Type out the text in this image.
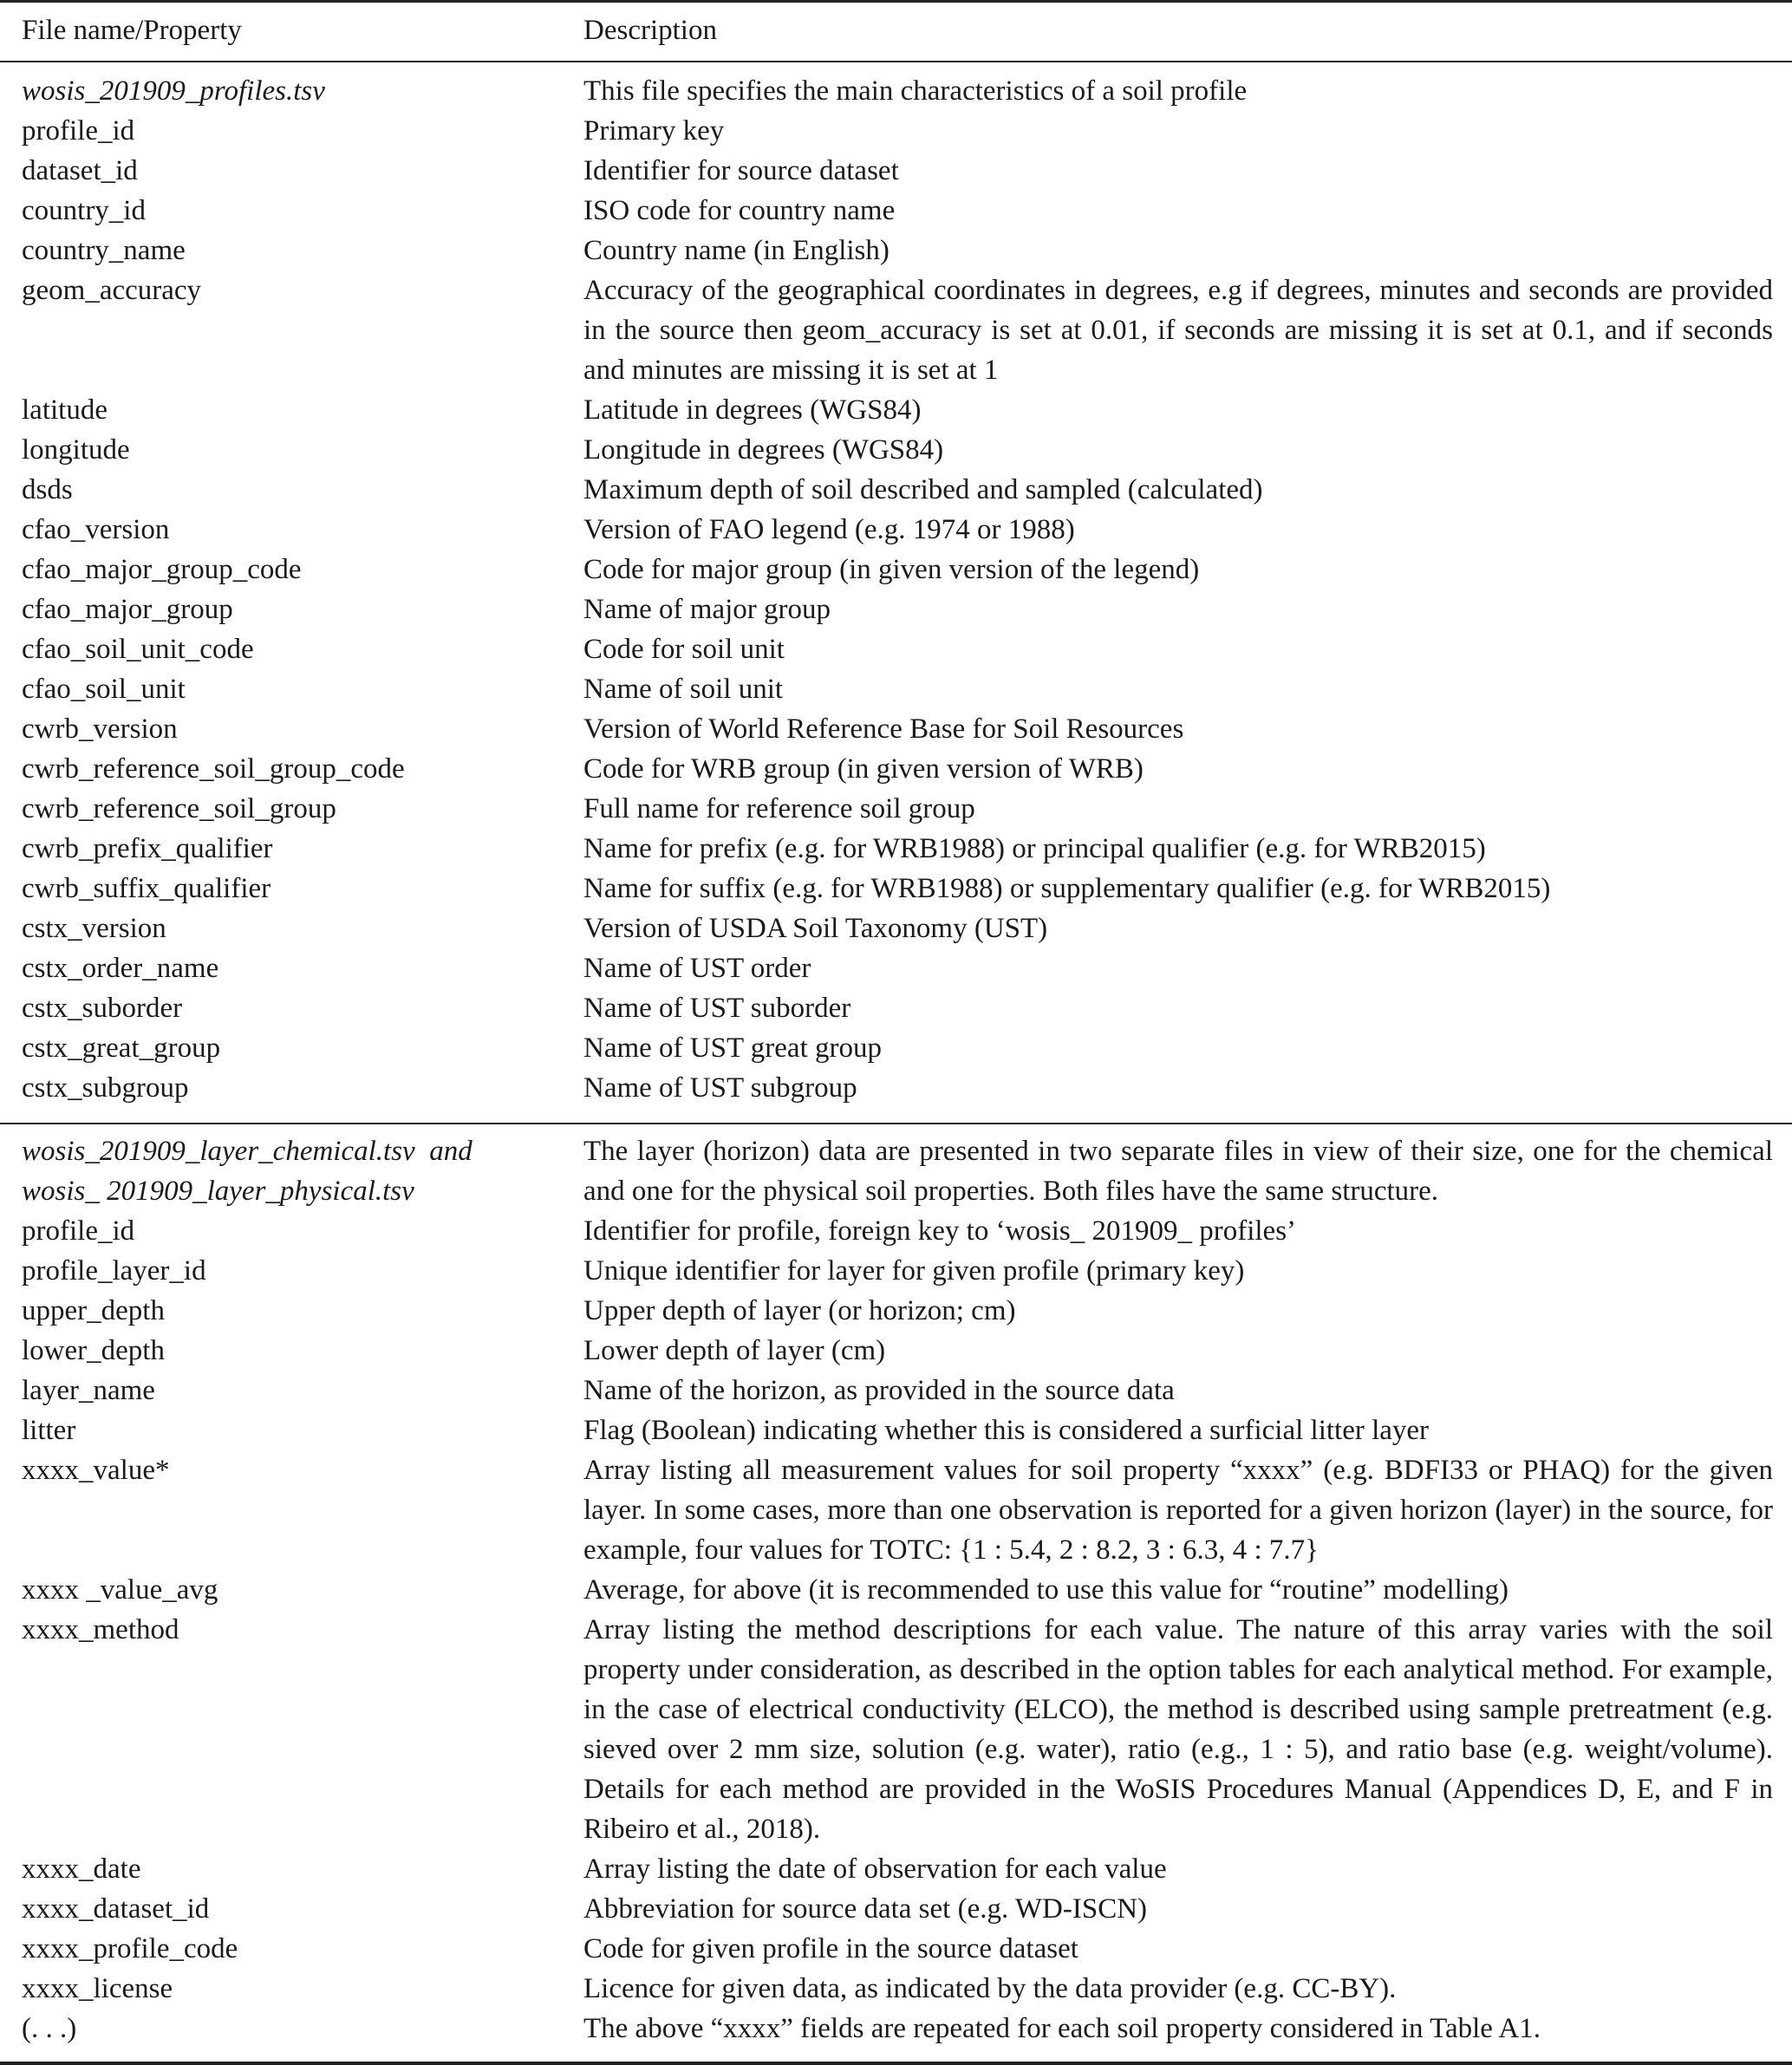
File name/Property	Description
wosis_201909_profiles.tsv	This file specifies the main characteristics of a soil profile
profile_id	Primary key
dataset_id	Identifier for source dataset
country_id	ISO code for country name
country_name	Country name (in English)
geom_accuracy	Accuracy of the geographical coordinates in degrees, e.g if degrees, minutes and seconds are provided in the source then geom_accuracy is set at 0.01, if seconds are missing it is set at 0.1, and if seconds and minutes are missing it is set at 1
latitude	Latitude in degrees (WGS84)
longitude	Longitude in degrees (WGS84)
dsds	Maximum depth of soil described and sampled (calculated)
cfao_version	Version of FAO legend (e.g. 1974 or 1988)
cfao_major_group_code	Code for major group (in given version of the legend)
cfao_major_group	Name of major group
cfao_soil_unit_code	Code for soil unit
cfao_soil_unit	Name of soil unit
cwrb_version	Version of World Reference Base for Soil Resources
cwrb_reference_soil_group_code	Code for WRB group (in given version of WRB)
cwrb_reference_soil_group	Full name for reference soil group
cwrb_prefix_qualifier	Name for prefix (e.g. for WRB1988) or principal qualifier (e.g. for WRB2015)
cwrb_suffix_qualifier	Name for suffix (e.g. for WRB1988) or supplementary qualifier (e.g. for WRB2015)
cstx_version	Version of USDA Soil Taxonomy (UST)
cstx_order_name	Name of UST order
cstx_suborder	Name of UST suborder
cstx_great_group	Name of UST great group
cstx_subgroup	Name of UST subgroup
wosis_201909_layer_chemical.tsv and
wosis_ 201909_layer_physical.tsv
The layer (horizon) data are presented in two separate files in view of their size, one for the chemical and one for the physical soil properties. Both files have the same structure.
profile_id	Identifier for profile, foreign key to ‘wosis_ 201909_ profiles’
profile_layer_id	Unique identifier for layer for given profile (primary key)
upper_depth	Upper depth of layer (or horizon; cm)
lower_depth	Lower depth of layer (cm)
layer_name	Name of the horizon, as provided in the source data
litter	Flag (Boolean) indicating whether this is considered a surficial litter layer
xxxx_value*	Array listing all measurement values for soil property “xxxx” (e.g. BDFI33 or PHAQ) for the given layer. In some cases, more than one observation is reported for a given horizon (layer) in the source, for example, four values for TOTC: {1 : 5.4, 2 : 8.2, 3 : 6.3, 4 : 7.7}
xxxx _value_avg	Average, for above (it is recommended to use this value for “routine” modelling)
xxxx_method	Array listing the method descriptions for each value. The nature of this array varies with the soil property under consideration, as described in the option tables for each analytical method. For example, in the case of electrical conductivity (ELCO), the method is described using sample pretreatment (e.g. sieved over 2 mm size, solution (e.g. water), ratio (e.g., 1 : 5), and ratio base (e.g. weight/volume). Details for each method are provided in the WoSIS Procedures Manual (Appendices D, E, and F in Ribeiro et al., 2018).
xxxx_date	Array listing the date of observation for each value
xxxx_dataset_id	Abbreviation for source data set (e.g. WD-ISCN)
xxxx_profile_code	Code for given profile in the source dataset
xxxx_license	Licence for given data, as indicated by the data provider (e.g. CC-BY).
(. . .)	The above “xxxx” fields are repeated for each soil property considered in Table A1.
